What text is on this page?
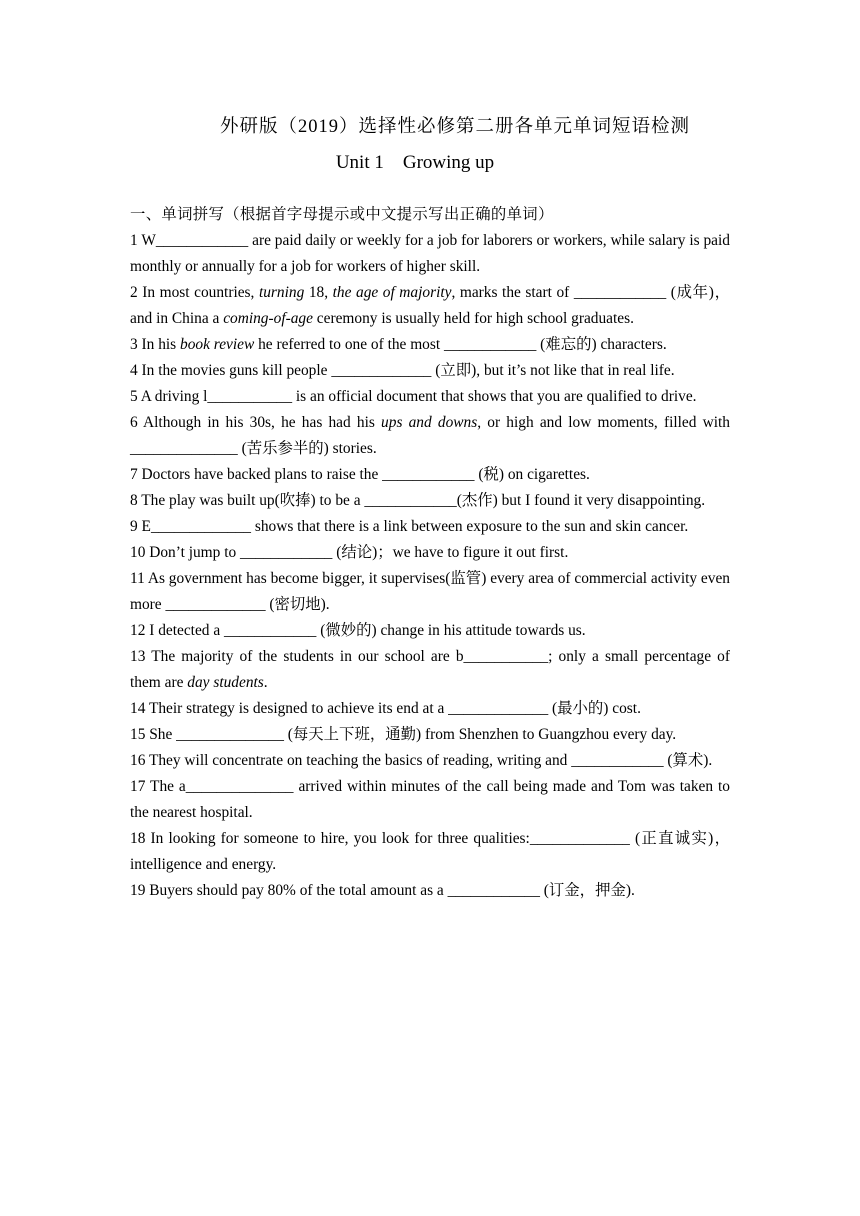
外研版（2019）选择性必修第二册各单元单词短语检测
Unit 1    Growing up

一、单词拼写（根据首字母提示或中文提示写出正确的单词）

1 W____________ are paid daily or weekly for a job for laborers or workers, while salary is paid monthly or annually for a job for workers of higher skill.

2 In most countries, turning 18, the age of majority, marks the start of ____________ (成年)， and in China a coming-of-age ceremony is usually held for high school graduates.

3 In his book review he referred to one of the most ____________ (难忘的) characters.

4 In the movies guns kill people _____________ (立即), but it’s not like that in real life.

5 A driving l___________ is an official document that shows that you are qualified to drive.

6 Although in his 30s, he has had his ups and downs, or high and low moments, filled with ______________ (苦乐参半的) stories.

7 Doctors have backed plans to raise the ____________ (税) on cigarettes.

8 The play was built up(吹捧) to be a ____________(杰作) but I found it very disappointing.

9 E_____________ shows that there is a link between exposure to the sun and skin cancer.

10 Don’t jump to ____________ (结论)；we have to figure it out first.

11 As government has become bigger, it supervises(监管) every area of commercial activity even more _____________ (密切地).

12 I detected a ____________ (微妙的) change in his attitude towards us.

13 The majority of the students in our school are b___________; only a small percentage of them are day students.

14 Their strategy is designed to achieve its end at a _____________ (最小的) cost.

15 She ______________ (每天上下班，通勤) from Shenzhen to Guangzhou every day.

16 They will concentrate on teaching the basics of reading, writing and ____________ (算术).

17 The a______________ arrived within minutes of the call being made and Tom was taken to the nearest hospital.

18 In looking for someone to hire, you look for three qualities:_____________ (正直诚实)，intelligence and energy.

19 Buyers should pay 80% of the total amount as a ____________ (订金，押金).
